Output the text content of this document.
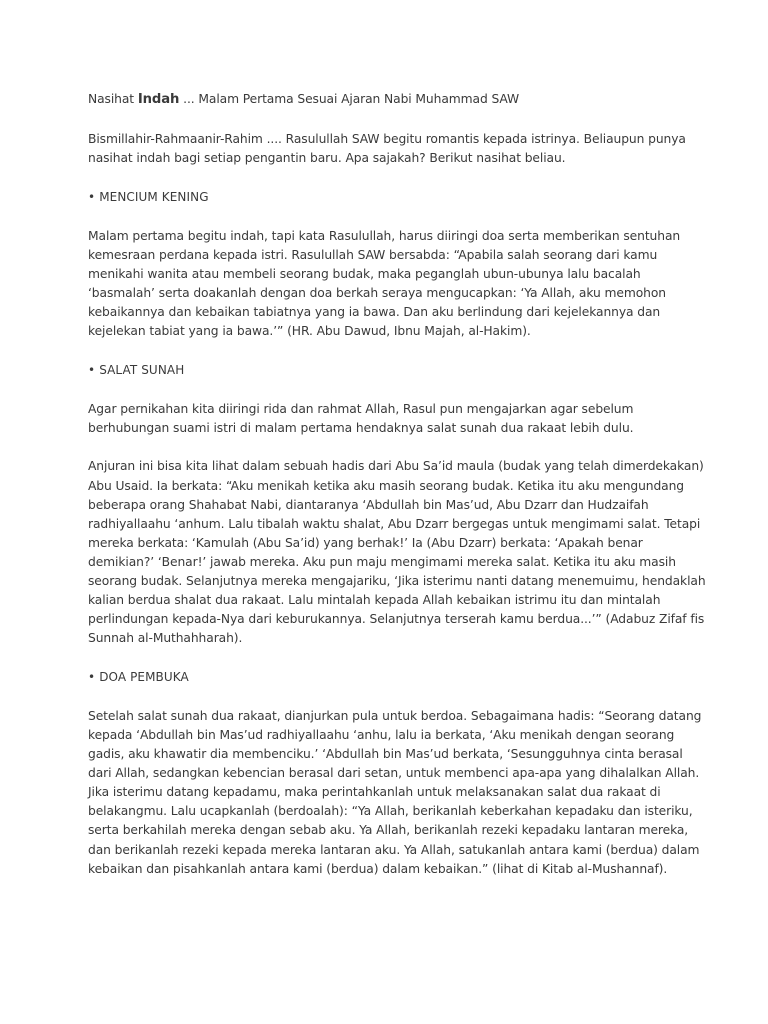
Nasihat Indah ... Malam Pertama Sesuai Ajaran Nabi Muhammad SAW

Bismillahir-Rahmaanir-Rahim .... Rasulullah SAW begitu romantis kepada istrinya. Beliaupun punya nasihat indah bagi setiap pengantin baru. Apa sajakah? Berikut nasihat beliau.

• MENCIUM KENING

Malam pertama begitu indah, tapi kata Rasulullah, harus diiringi doa serta memberikan sentuhan kemesraan perdana kepada istri. Rasulullah SAW bersabda: “Apabila salah seorang dari kamu menikahi wanita atau membeli seorang budak, maka peganglah ubun-ubunya lalu bacalah ‘basmalah’ serta doakanlah dengan doa berkah seraya mengucapkan: ‘Ya Allah, aku memohon kebaikannya dan kebaikan tabiatnya yang ia bawa. Dan aku berlindung dari kejelekannya dan kejelekan tabiat yang ia bawa.’” (HR. Abu Dawud, Ibnu Majah, al-Hakim).

• SALAT SUNAH

Agar pernikahan kita diiringi rida dan rahmat Allah, Rasul pun mengajarkan agar sebelum berhubungan suami istri di malam pertama hendaknya salat sunah dua rakaat lebih dulu.

Anjuran ini bisa kita lihat dalam sebuah hadis dari Abu Sa’id maula (budak yang telah dimerdekakan) Abu Usaid. Ia berkata: “Aku menikah ketika aku masih seorang budak. Ketika itu aku mengundang beberapa orang Shahabat Nabi, diantaranya ‘Abdullah bin Mas’ud, Abu Dzarr dan Hudzaifah radhiyallaahu ‘anhum. Lalu tibalah waktu shalat, Abu Dzarr bergegas untuk mengimami salat. Tetapi mereka berkata: ‘Kamulah (Abu Sa’id) yang berhak!’ Ia (Abu Dzarr) berkata: ‘Apakah benar demikian?’ ‘Benar!’ jawab mereka. Aku pun maju mengimami mereka salat. Ketika itu aku masih seorang budak. Selanjutnya mereka mengajariku, ‘Jika isterimu nanti datang menemuimu, hendaklah kalian berdua shalat dua rakaat. Lalu mintalah kepada Allah kebaikan istrimu itu dan mintalah perlindungan kepada-Nya dari keburukannya. Selanjutnya terserah kamu berdua...’” (Adabuz Zifaf fis Sunnah al-Muthahharah).

• DOA PEMBUKA

Setelah salat sunah dua rakaat, dianjurkan pula untuk berdoa. Sebagaimana hadis: “Seorang datang kepada ‘Abdullah bin Mas’ud radhiyallaahu ‘anhu, lalu ia berkata, ‘Aku menikah dengan seorang gadis, aku khawatir dia membenciku.’ ‘Abdullah bin Mas’ud berkata, ‘Sesungguhnya cinta berasal dari Allah, sedangkan kebencian berasal dari setan, untuk membenci apa-apa yang dihalalkan Allah. Jika isterimu datang kepadamu, maka perintahkanlah untuk melaksanakan salat dua rakaat di belakangmu. Lalu ucapkanlah (berdoalah): “Ya Allah, berikanlah keberkahan kepadaku dan isteriku, serta berkahilah mereka dengan sebab aku. Ya Allah, berikanlah rezeki kepadaku lantaran mereka, dan berikanlah rezeki kepada mereka lantaran aku. Ya Allah, satukanlah antara kami (berdua) dalam kebaikan dan pisahkanlah antara kami (berdua) dalam kebaikan.” (lihat di Kitab al-Mushannaf).
